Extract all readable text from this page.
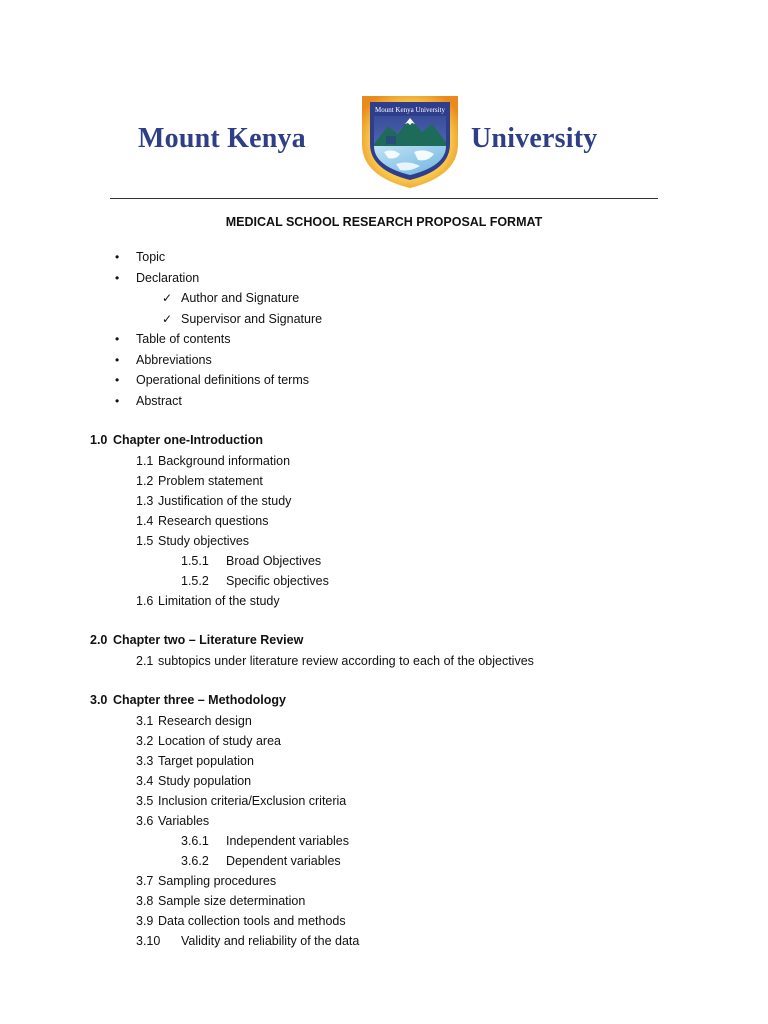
Mount Kenya
Mount Kenya University
University
MEDICAL SCHOOL RESEARCH PROPOSAL FORMAT
• Topic
• Declaration
✓ Author and Signature
✓ Supervisor and Signature
• Table of contents
• Abbreviations
• Operational definitions of terms
• Abstract
1.0 Chapter one-Introduction
1.1 Background information
1.2 Problem statement
1.3 Justification of the study
1.4 Research questions
1.5 Study objectives
1.5.1 Broad Objectives
1.5.2 Specific objectives
1.6 Limitation of the study
2.0 Chapter two – Literature Review
2.1 subtopics under literature review according to each of the objectives
3.0 Chapter three – Methodology
3.1 Research design
3.2 Location of study area
3.3 Target population
3.4 Study population
3.5 Inclusion criteria/Exclusion criteria
3.6 Variables
3.6.1 Independent variables
3.6.2 Dependent variables
3.7 Sampling procedures
3.8 Sample size determination
3.9 Data collection tools and methods
3.10 Validity and reliability of the data
